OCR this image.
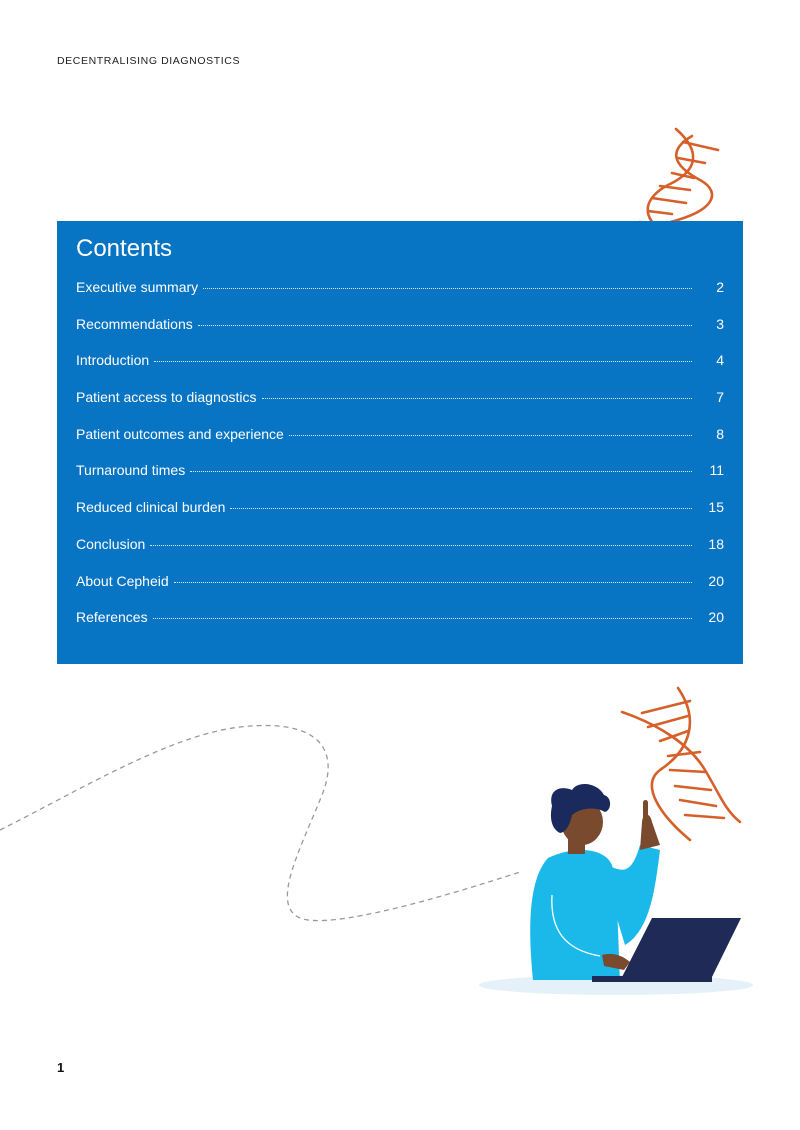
DECENTRALISING DIAGNOSTICS
Contents
Executive summary	2
Recommendations	3
Introduction	4
Patient access to diagnostics	7
Patient outcomes and experience	8
Turnaround times	11
Reduced clinical burden	15
Conclusion	18
About Cepheid	20
References	20
1
